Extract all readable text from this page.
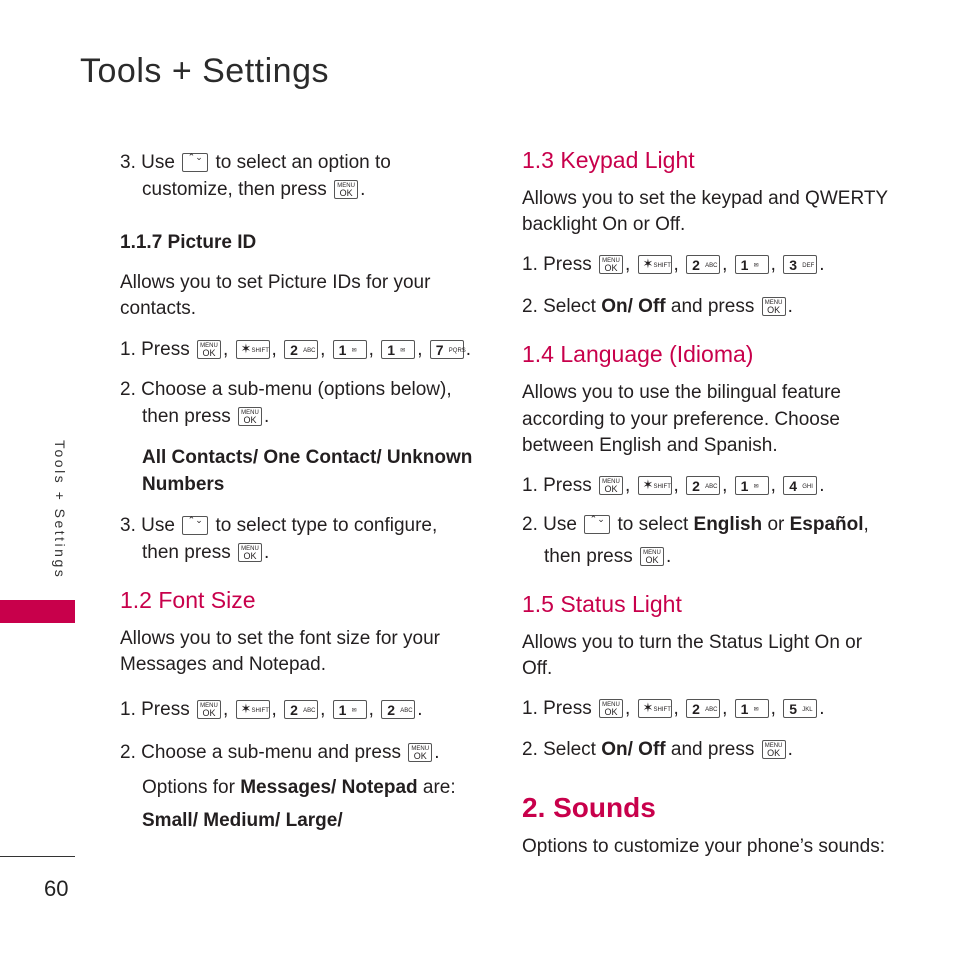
Tools + Settings
Tools + Settings
60
3. Use	⌃⌄ to select an option to
customize, then press	MENU
OK .
1.1.7 Picture ID
Allows you to set Picture IDs for your
contacts.
1. Press	MENU
OK , ✶ SHIFT , 2 ABC , 1 ✉ , 1 ✉ , 7 PQRS .
2. Choose a sub-menu (options below),
then press	MENU
OK .
All Contacts/ One Contact/ Unknown
Numbers
3. Use	⌃⌄ to select type to configure,
then press	MENU
OK .
1.2 Font Size
Allows you to set the font size for your
Messages and Notepad.
1. Press	MENU
OK , ✶ SHIFT , 2 ABC , 1 ✉ , 2 ABC .
2. Choose a sub-menu and press	MENU
OK .
Options for Messages/ Notepad are:
Small/ Medium/ Large/
1.3 Keypad Light
Allows you to set the keypad and QWERTY
backlight On or Off.
1. Press	MENU
OK , ✶ SHIFT , 2 ABC , 1 ✉ , 3 DEF .
2. Select On/ Off and press	MENU
OK .
1.4 Language (Idioma)
Allows you to use the bilingual feature
according to your preference. Choose
between English and Spanish.
1. Press	MENU
OK , ✶ SHIFT , 2 ABC , 1 ✉ , 4 GHI .
2. Use	⌃⌄ to select English or Español,
then press	MENU
OK .
1.5 Status Light
Allows you to turn the Status Light On or
Off.
1. Press	MENU
OK , ✶ SHIFT , 2 ABC , 1 ✉ , 5 JKL .
2. Select On/ Off and press	MENU
OK .
2. Sounds
Options to customize your phone’s sounds:
